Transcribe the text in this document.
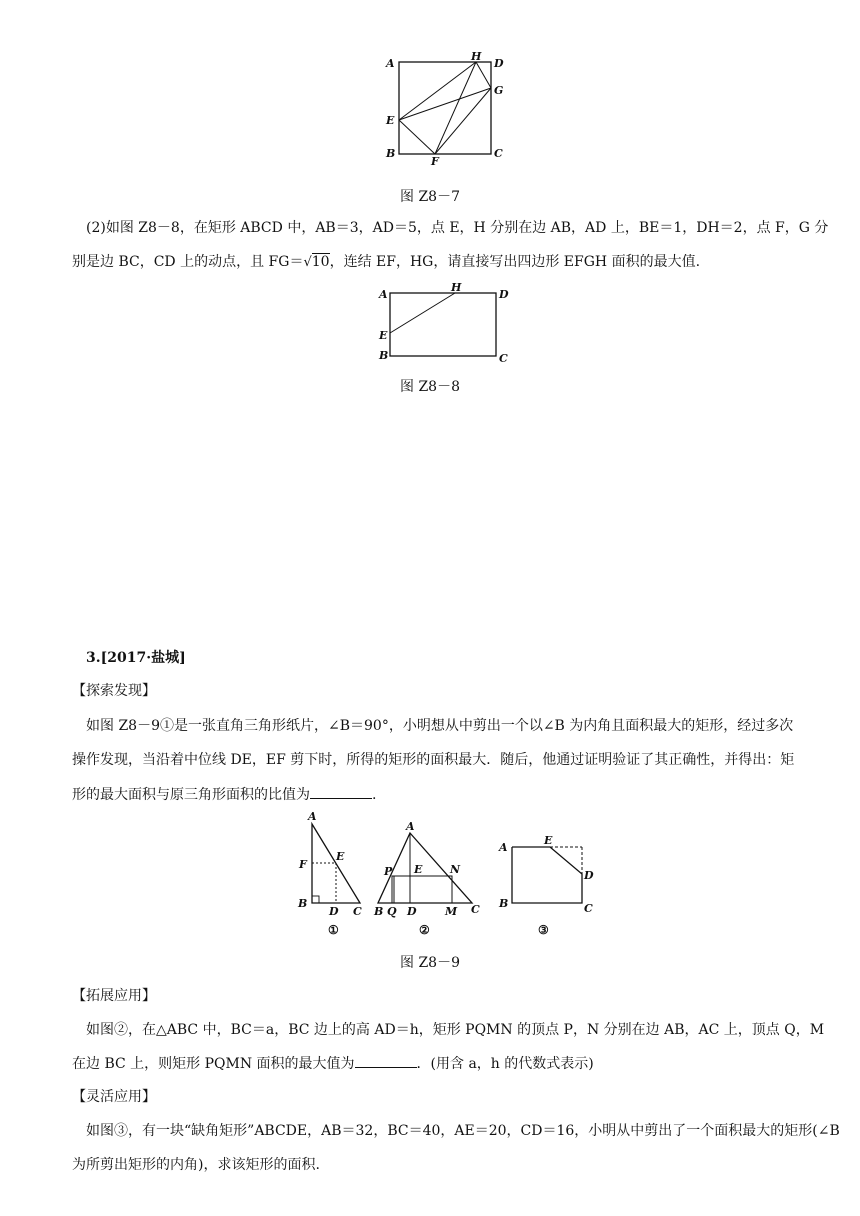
A
H
D
G
E
B
F
C
图 Z8－7
(2)如图 Z8－8，在矩形 ABCD 中，AB＝3，AD＝5，点 E，H 分别在边 AB，AD 上，BE＝1，DH＝2，点 F，G 分
别是边 BC，CD 上的动点，且 FG＝√10，连结 EF，HG，请直接写出四边形 EFGH 面积的最大值.
A
H
D
E
B	C
图 Z8－8
3.[2017·盐城]
【探索发现】
如图 Z8－9①是一张直角三角形纸片，∠B＝90°，小明想从中剪出一个以∠B 为内角且面积最大的矩形，经过多次
操作发现，当沿着中位线 DE，EF 剪下时，所得的矩形的面积最大．随后，他通过证明验证了其正确性，并得出：矩
形的最大面积与原三角形面积的比值为	.
A
F
E
B
D C
①
A
P E	N
B Q D	M C
②
A
E
D
B	C
③
图 Z8－9
【拓展应用】
如图②，在△ABC 中，BC＝a，BC 边上的高 AD＝h，矩形 PQMN 的顶点 P，N 分别在边 AB，AC 上，顶点 Q，M
在边 BC 上，则矩形 PQMN 面积的最大值为	．(用含 a，h 的代数式表示)
【灵活应用】
如图③，有一块“缺角矩形”ABCDE，AB＝32，BC＝40，AE＝20，CD＝16，小明从中剪出了一个面积最大的矩形(∠B
为所剪出矩形的内角)，求该矩形的面积.
